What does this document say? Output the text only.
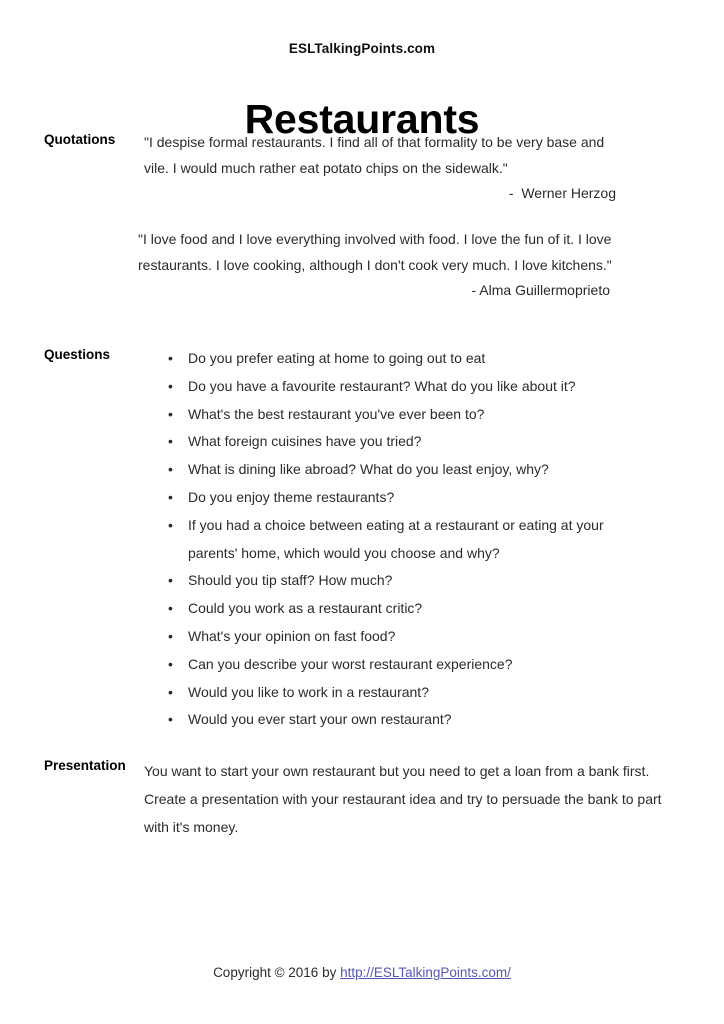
ESLTalkingPoints.com
Restaurants
Quotations "I despise formal restaurants. I find all of that formality to be very base and vile. I would much rather eat potato chips on the sidewalk."
-  Werner Herzog
"I love food and I love everything involved with food. I love the fun of it. I love restaurants. I love cooking, although I don't cook very much. I love kitchens."
- Alma Guillermoprieto
Questions	•	Do you prefer eating at home to going out to eat
•	Do you have a favourite restaurant? What do you like about it?
•	What's the best restaurant you've ever been to?
•	What foreign cuisines have you tried?
•	What is dining like abroad? What do you least enjoy, why?
•	Do you enjoy theme restaurants?
•	If you had a choice between eating at a restaurant or eating at your parents' home, which would you choose and why?
•	Should you tip staff? How much?
•	Could you work as a restaurant critic?
•	What's your opinion on fast food?
•	Can you describe your worst restaurant experience?
•	Would you like to work in a restaurant?
•	Would you ever start your own restaurant?
Presentation You want to start your own restaurant but you need to get a loan from a bank first. Create a presentation with your restaurant idea and try to persuade the bank to part with it's money.
Copyright © 2016 by http://ESLTalkingPoints.com/
